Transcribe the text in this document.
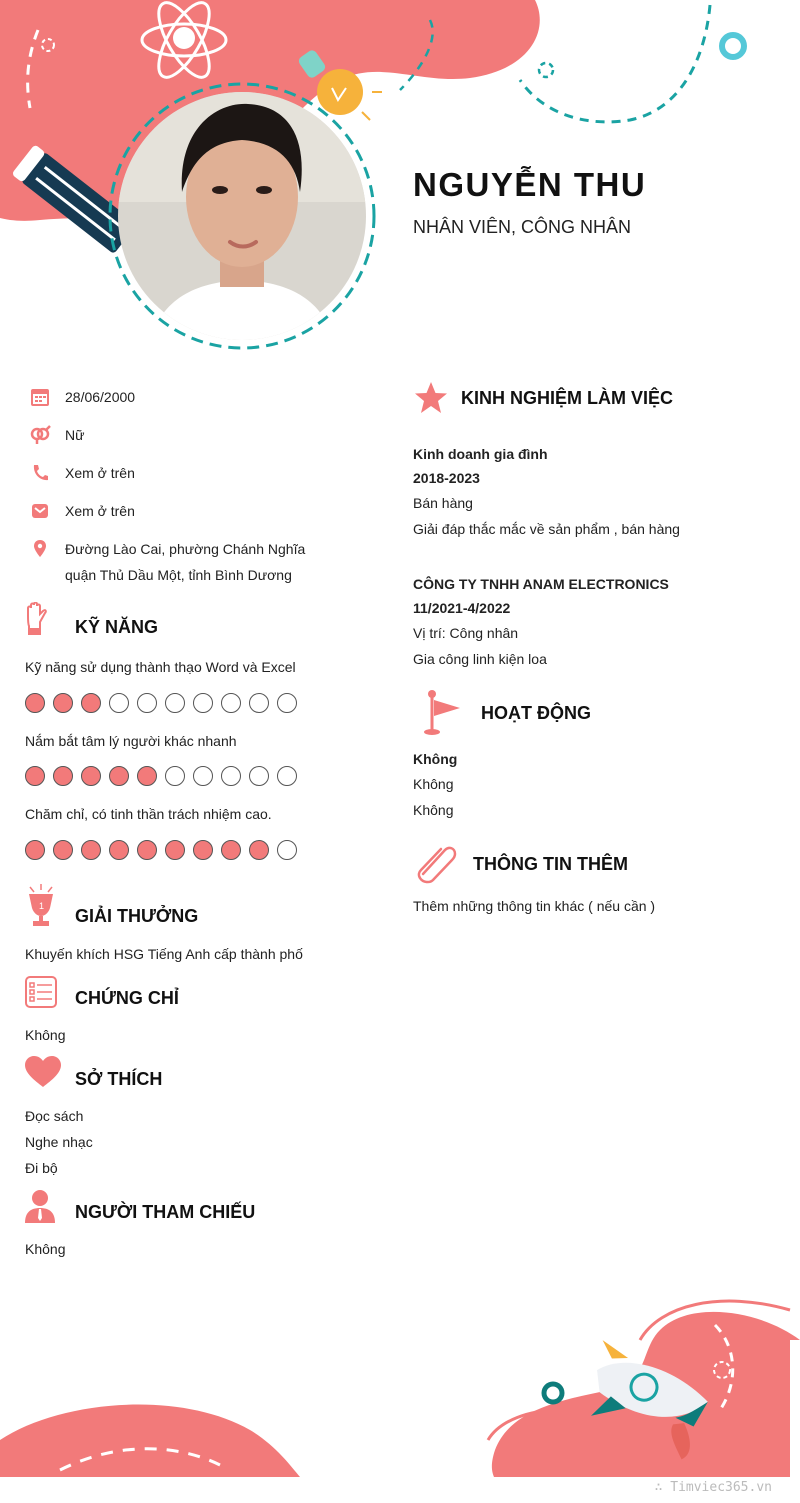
NGUYỄN THU
NHÂN VIÊN, CÔNG NHÂN
28/06/2000
Nữ
Xem ở trên
Xem ở trên
Đường Lào Cai, phường Chánh Nghĩa
quận Thủ Dầu Một, tỉnh Bình Dương
KỸ NĂNG
Kỹ năng sử dụng thành thạo Word và Excel
Nắm bắt tâm lý người khác nhanh
Chăm chỉ, có tinh thần trách nhiệm cao.
1 GIẢI THƯỞNG
Khuyến khích HSG Tiếng Anh cấp thành phố
CHỨNG CHỈ
Không
SỞ THÍCH
Đọc sách
Nghe nhạc
Đi bộ
NGƯỜI THAM CHIẾU
Không
KINH NGHIỆM LÀM VIỆC
Kinh doanh gia đình
2018-2023
Bán hàng
Giải đáp thắc mắc về sản phẩm , bán hàng
CÔNG TY TNHH ANAM ELECTRONICS
11/2021-4/2022
Vị trí: Công nhân
Gia công linh kiện loa
HOẠT ĐỘNG
Không
Không
Không
THÔNG TIN THÊM
Thêm những thông tin khác ( nếu cần )
∴ Timviec365.vn
